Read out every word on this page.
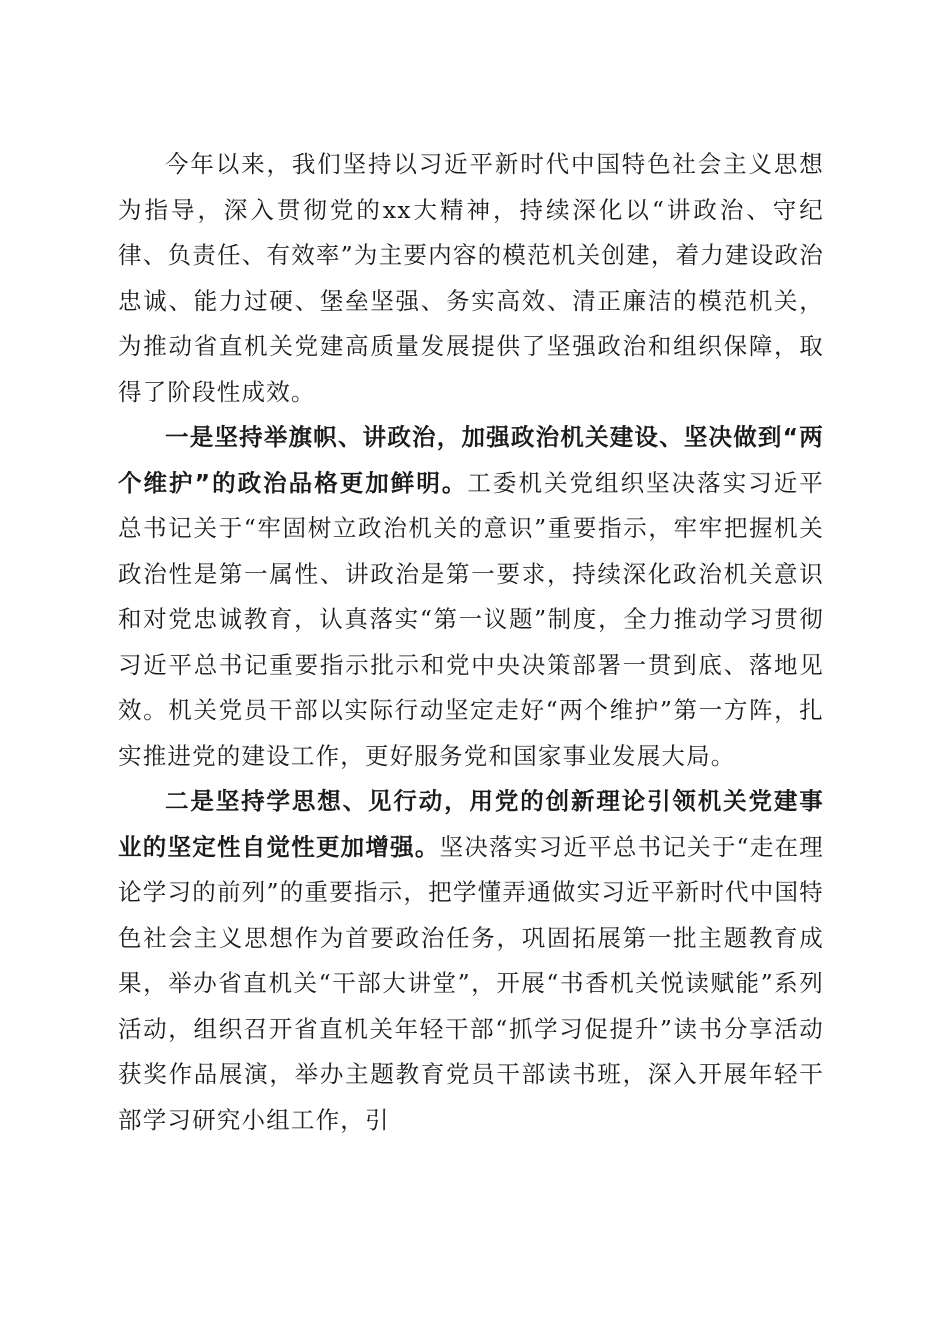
今年以来，我们坚持以习近平新时代中国特色社会主义思想为指导，深入贯彻党的xx大精神，持续深化以“讲政治、守纪律、负责任、有效率”为主要内容的模范机关创建，着力建设政治忠诚、能力过硬、堡垒坚强、务实高效、清正廉洁的模范机关，为推动省直机关党建高质量发展提供了坚强政治和组织保障，取得了阶段性成效。

一是坚持举旗帜、讲政治，加强政治机关建设、坚决做到“两个维护”的政治品格更加鲜明。工委机关党组织坚决落实习近平总书记关于“牢固树立政治机关的意识”重要指示，牢牢把握机关政治性是第一属性、讲政治是第一要求，持续深化政治机关意识和对党忠诚教育，认真落实“第一议题”制度，全力推动学习贯彻习近平总书记重要指示批示和党中央决策部署一贯到底、落地见效。机关党员干部以实际行动坚定走好“两个维护”第一方阵，扎实推进党的建设工作，更好服务党和国家事业发展大局。

二是坚持学思想、见行动，用党的创新理论引领机关党建事业的坚定性自觉性更加增强。坚决落实习近平总书记关于“走在理论学习的前列”的重要指示，把学懂弄通做实习近平新时代中国特色社会主义思想作为首要政治任务，巩固拓展第一批主题教育成果，举办省直机关“干部大讲堂”，开展“书香机关悦读赋能”系列活动，组织召开省直机关年轻干部“抓学习促提升”读书分享活动获奖作品展演，举办主题教育党员干部读书班，深入开展年轻干部学习研究小组工作，引
